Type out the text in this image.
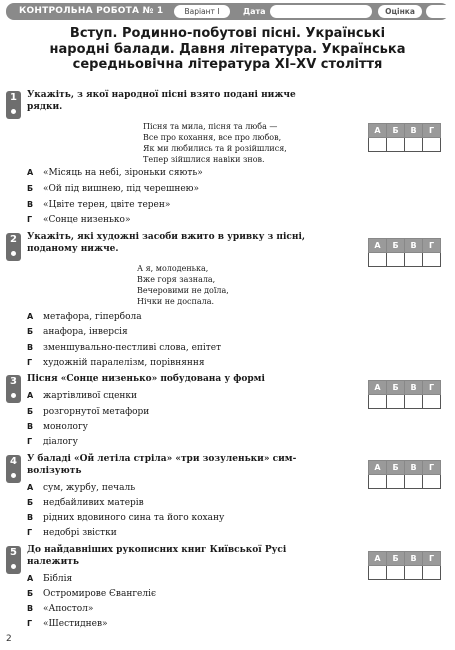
КОНТРОЛЬНА РОБОТА № 1	Варіант І	Дата	Оцінка
Вступ. Родинно-побутові пісні. Українські
народні балади. Давня література. Українська
середньовічна література XI–XV століття
1	Укажіть, з якої народної пісні взято подані нижче
рядки.
Пісня та мила, пісня та люба —
Все про кохання, все про любов,
Як ми любились та й розійшлися,
Тепер зійшлися навіки знов.
А «Місяць на небі, зіроньки сяють»
Б «Ой під вишнею, під черешнею»
В «Цвіте терен, цвіте терен»
Г «Сонце низенько»
А	Б	В	Г

2	Укажіть, які художні засоби вжито в уривку з пісні,
поданому нижче.
А я, молоденька,
Вже горя зазнала,
Вечеровими не доїла,
Нічки не доспала.
А метафора, гіпербола
Б анафора, інверсія
В зменшувально-пестливі слова, епітет
Г художній паралелізм, порівняння
А	Б	В	Г

3	Пісня «Сонце низенько» побудована у формі
А жартівливої сценки
Б розгорнутої метафори
В монологу
Г діалогу
А	Б	В	Г

4	У баладі «Ой летіла стріла» «три зозуленьки» сим-
волізують
А сум, журбу, печаль
Б недбайливих матерів
В рідних вдовиного сина та його кохану
Г недобрі звістки
А	Б	В	Г

5	До найдавніших рукописних книг Київської Русі
належить
А Біблія
Б Остромирове Євангеліє
В «Апостол»
Г «Шестиднев»
А	Б	В	Г

2
